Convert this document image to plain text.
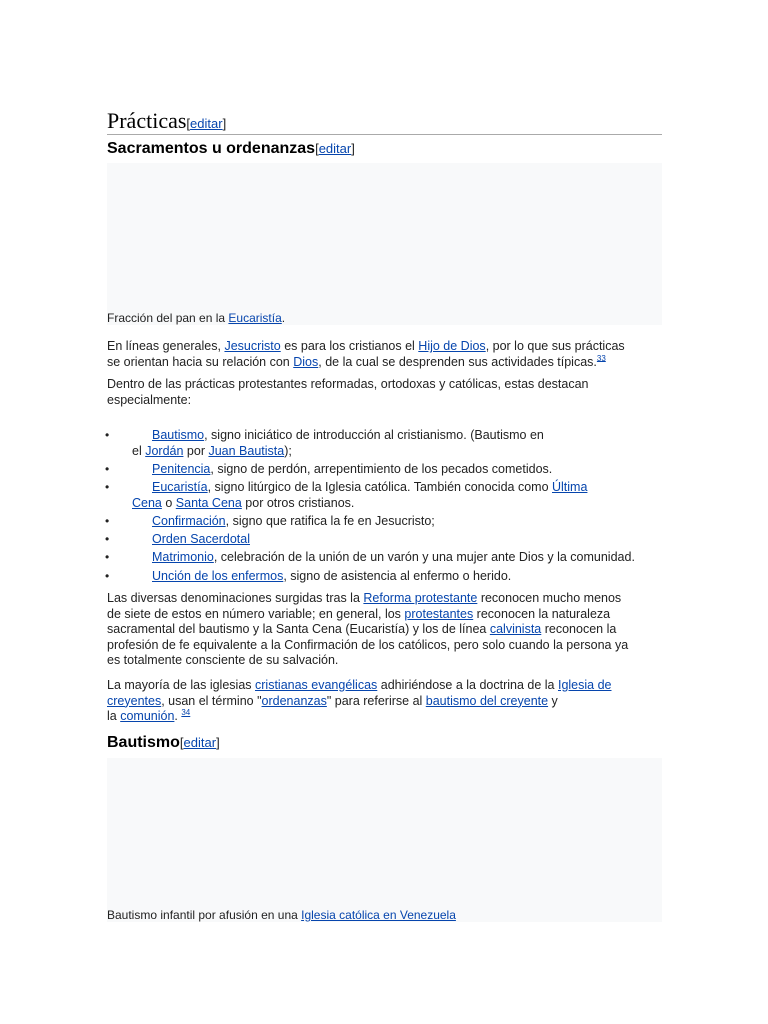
Prácticas[editar]
Sacramentos u ordenanzas[editar]
Fracción del pan en la Eucaristía.
En líneas generales, Jesucristo es para los cristianos el Hijo de Dios, por lo que sus prácticas
se orientan hacia su relación con Dios, de la cual se desprenden sus actividades típicas.$^{33}$
Dentro de las prácticas protestantes reformadas, ortodoxas y católicas, estas destacan
especialmente:
•	Bautismo, signo iniciático de introducción al cristianismo. (Bautismo en
el Jordán por Juan Bautista);
•	Penitencia, signo de perdón, arrepentimiento de los pecados cometidos.
•	Eucaristía, signo litúrgico de la Iglesia católica. También conocida como Última
Cena o Santa Cena por otros cristianos.
•	Confirmación, signo que ratifica la fe en Jesucristo;
•	Orden Sacerdotal
•	Matrimonio, celebración de la unión de un varón y una mujer ante Dios y la comunidad.
•	Unción de los enfermos, signo de asistencia al enfermo o herido.
Las diversas denominaciones surgidas tras la Reforma protestante reconocen mucho menos
de siete de estos en número variable; en general, los protestantes reconocen la naturaleza
sacramental del bautismo y la Santa Cena (Eucaristía) y los de línea calvinista reconocen la
profesión de fe equivalente a la Confirmación de los católicos, pero solo cuando la persona ya
es totalmente consciente de su salvación.
La mayoría de las iglesias cristianas evangélicas adhiriéndose a la doctrina de la Iglesia de
creyentes, usan el término "ordenanzas" para referirse al bautismo del creyente y
la comunión. $^{34}$
Bautismo[editar]
Bautismo infantil por afusión en una Iglesia católica en Venezuela
